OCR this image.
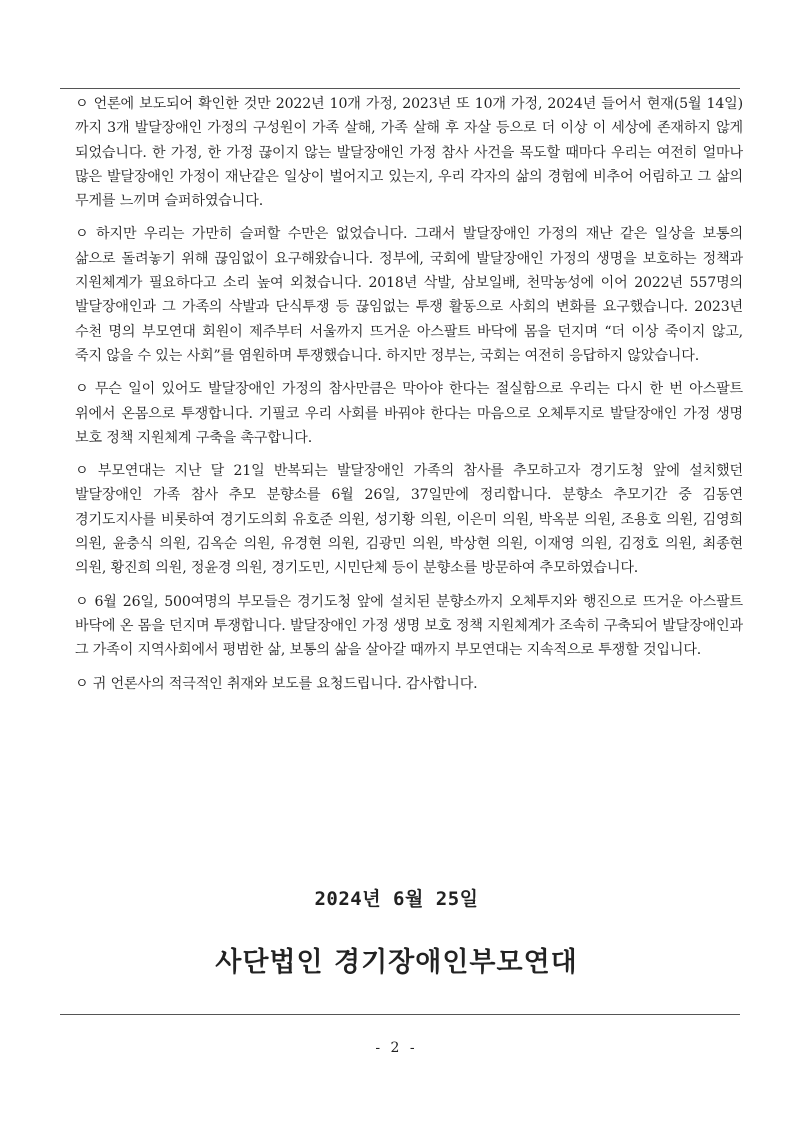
ㅇ 언론에 보도되어 확인한 것만 2022년 10개 가정, 2023년 또 10개 가정, 2024년 들어서 현재(5월 14일)까지 3개 발달장애인 가정의 구성원이 가족 살해, 가족 살해 후 자살 등으로 더 이상 이 세상에 존재하지 않게 되었습니다. 한 가정, 한 가정 끊이지 않는 발달장애인 가정 참사 사건을 목도할 때마다 우리는 여전히 얼마나 많은 발달장애인 가정이 재난같은 일상이 벌어지고 있는지, 우리 각자의 삶의 경험에 비추어 어림하고 그 삶의 무게를 느끼며 슬퍼하였습니다.

ㅇ 하지만 우리는 가만히 슬퍼할 수만은 없었습니다. 그래서 발달장애인 가정의 재난 같은 일상을 보통의 삶으로 돌려놓기 위해 끊임없이 요구해왔습니다. 정부에, 국회에 발달장애인 가정의 생명을 보호하는 정책과 지원체계가 필요하다고 소리 높여 외쳤습니다. 2018년 삭발, 삼보일배, 천막농성에 이어 2022년 557명의 발달장애인과 그 가족의 삭발과 단식투쟁 등 끊임없는 투쟁 활동으로 사회의 변화를 요구했습니다. 2023년 수천 명의 부모연대 회원이 제주부터 서울까지 뜨거운 아스팔트 바닥에 몸을 던지며 “더 이상 죽이지 않고, 죽지 않을 수 있는 사회”를 염원하며 투쟁했습니다. 하지만 정부는, 국회는 여전히 응답하지 않았습니다.

ㅇ 무슨 일이 있어도 발달장애인 가정의 참사만큼은 막아야 한다는 절실함으로 우리는 다시 한 번 아스팔트 위에서 온몸으로 투쟁합니다. 기필코 우리 사회를 바꿔야 한다는 마음으로 오체투지로 발달장애인 가정 생명 보호 정책 지원체계 구축을 촉구합니다.

ㅇ 부모연대는 지난 달 21일 반복되는 발달장애인 가족의 참사를 추모하고자 경기도청 앞에 설치했던 발달장애인 가족 참사 추모 분향소를 6월 26일, 37일만에 정리합니다. 분향소 추모기간 중 김동연 경기도지사를 비롯하여 경기도의회 유호준 의원, 성기황 의원, 이은미 의원, 박옥분 의원, 조용호 의원, 김영희 의원, 윤충식 의원, 김옥순 의원, 유경현 의원, 김광민 의원, 박상현 의원, 이재영 의원, 김정호 의원, 최종현 의원, 황진희 의원, 정윤경 의원, 경기도민, 시민단체 등이 분향소를 방문하여 추모하였습니다.

ㅇ 6월 26일, 500여명의 부모들은 경기도청 앞에 설치된 분향소까지 오체투지와 행진으로 뜨거운 아스팔트 바닥에 온 몸을 던지며 투쟁합니다. 발달장애인 가정 생명 보호 정책 지원체계가 조속히 구축되어 발달장애인과 그 가족이 지역사회에서 평범한 삶, 보통의 삶을 살아갈 때까지 부모연대는 지속적으로 투쟁할 것입니다.

ㅇ 귀 언론사의 적극적인 취재와 보도를 요청드립니다. 감사합니다.

2024년 6월 25일
사단법인 경기장애인부모연대
- 2 -
